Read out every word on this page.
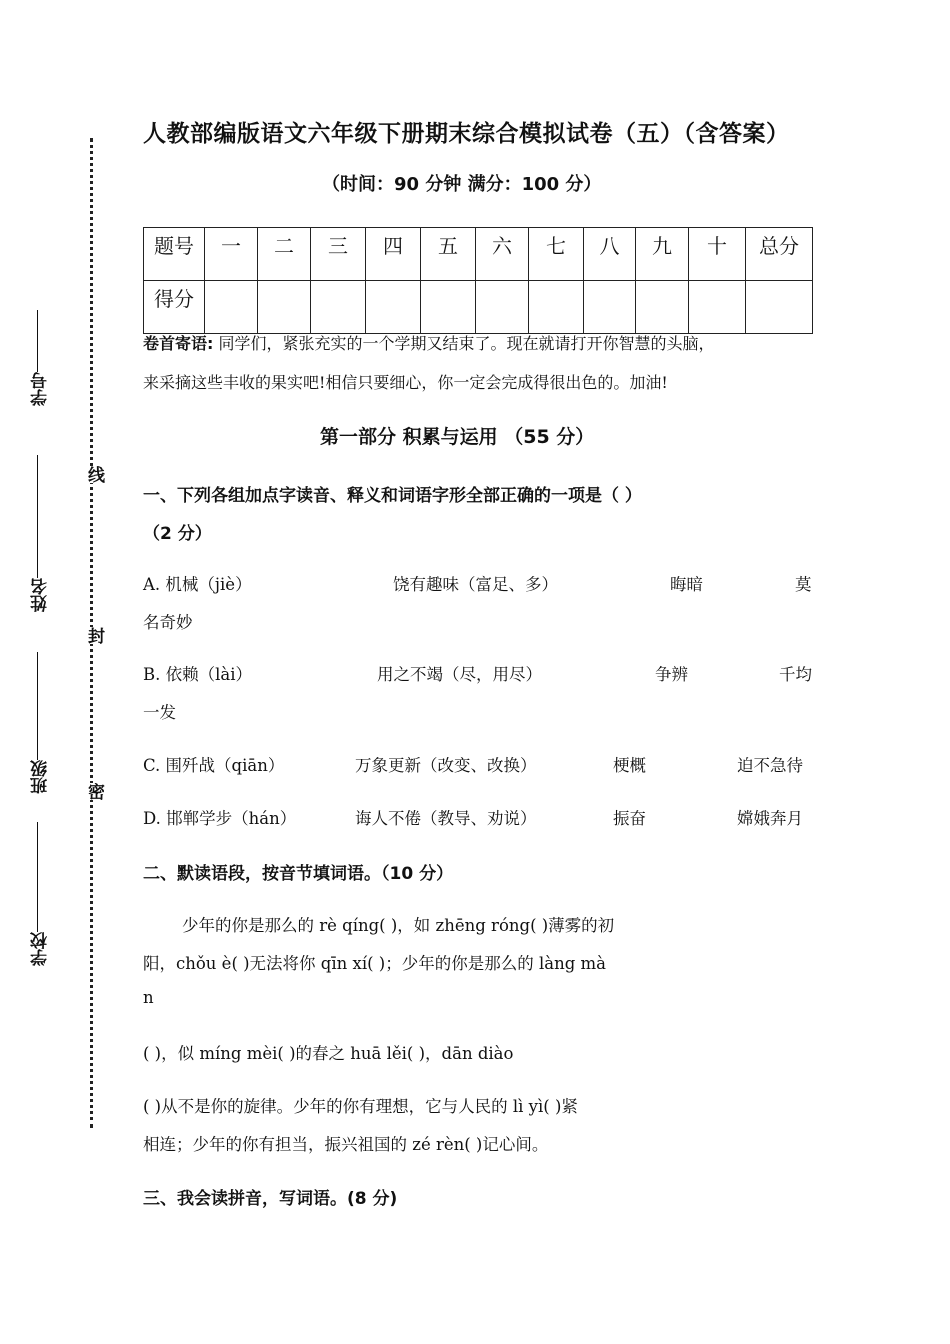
学号
姓名
班级
学校
线
封
密
人教部编版语文六年级下册期末综合模拟试卷（五）（含答案）
（时间：90 分钟 满分：100 分）
题号	一	二	三	四	五	六	七	八	九	十	总分
得分											
卷首寄语: 同学们，紧张充实的一个学期又结束了。现在就请打开你智慧的头脑，
来采摘这些丰收的果实吧!相信只要细心，你一定会完成得很出色的。加油!
第一部分 积累与运用 （55 分）
一、下列各组加点字读音、释义和词语字形全部正确的一项是（ ）
（2 分）
A. 机械（jiè）	饶有趣味（富足、多）	晦暗	莫
名奇妙
B. 依赖（lài）	用之不竭（尽，用尽）	争辨	千均
一发
C. 围歼战（qiān）	万象更新（改变、改换）	梗概	迫不急待
D. 邯郸学步（hán）	诲人不倦（教导、劝说）	振奋	嫦娥奔月
二、默读语段，按音节填词语。（10 分）
少年的你是那么的 rè qíng( )，如 zhēng róng( )薄雾的初
阳，chǒu è( )无法将你 qīn xí( )；少年的你是那么的 làng mà
n
( )，似 míng mèi( )的春之 huā lěi( )，dān diào
( )从不是你的旋律。少年的你有理想，它与人民的 lì yì( )紧
相连；少年的你有担当，振兴祖国的 zé rèn( )记心间。
三、我会读拼音，写词语。(8 分)
